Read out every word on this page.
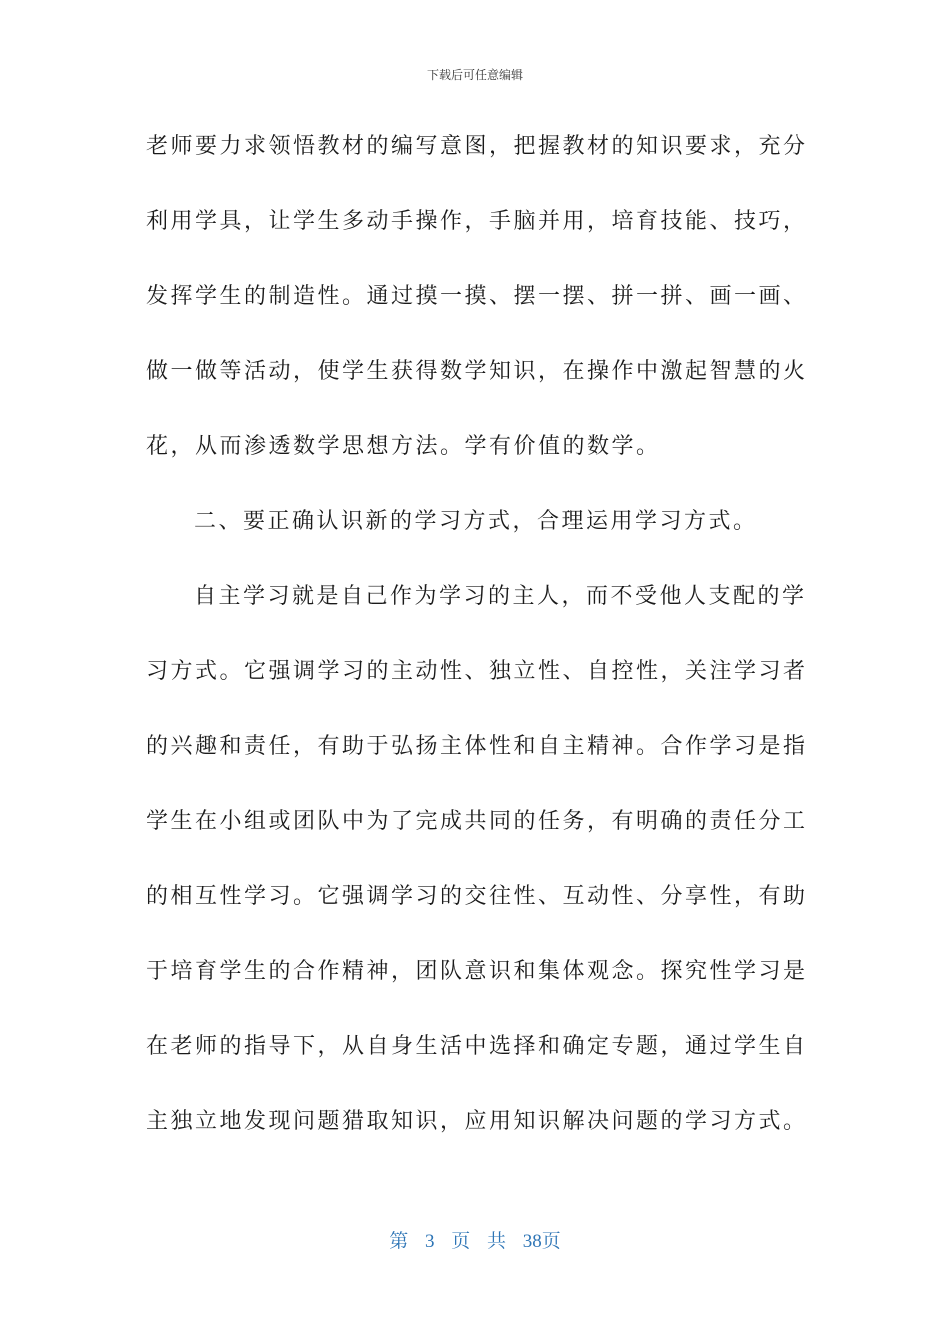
下载后可任意编辑
老师要力求领悟教材的编写意图，把握教材的知识要求，充分
利用学具，让学生多动手操作，手脑并用，培育技能、技巧，
发挥学生的制造性。通过摸一摸、摆一摆、拼一拼、画一画、
做一做等活动，使学生获得数学知识，在操作中激起智慧的火
花，从而渗透数学思想方法。学有价值的数学。
二、要正确认识新的学习方式，合理运用学习方式。
自主学习就是自己作为学习的主人，而不受他人支配的学
习方式。它强调学习的主动性、独立性、自控性，关注学习者
的兴趣和责任，有助于弘扬主体性和自主精神。合作学习是指
学生在小组或团队中为了完成共同的任务，有明确的责任分工
的相互性学习。它强调学习的交往性、互动性、分享性，有助
于培育学生的合作精神，团队意识和集体观念。探究性学习是
在老师的指导下，从自身生活中选择和确定专题，通过学生自
主独立地发现问题猎取知识，应用知识解决问题的学习方式。
第 3 页 共 38页
